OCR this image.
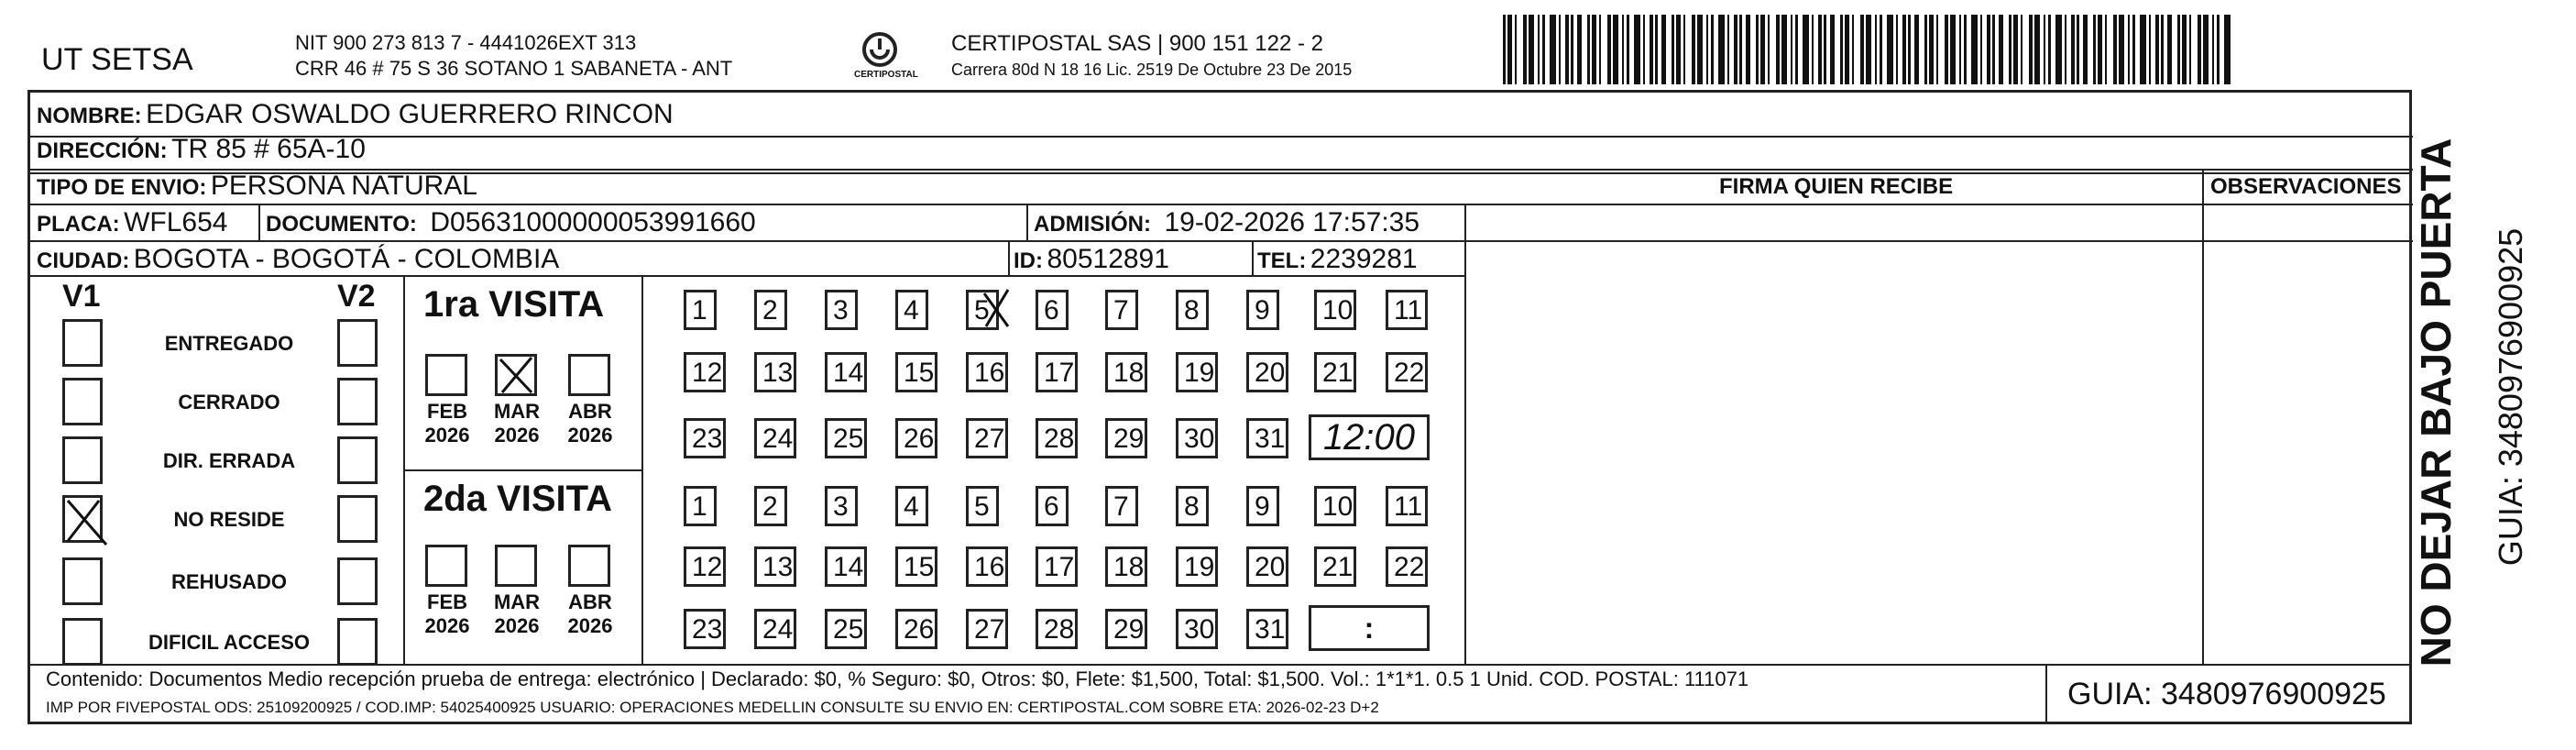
UT SETSA	NIT 900 273 813 7 - 4441026EXT 313
CRR 46 # 75 S 36 SOTANO 1 SABANETA - ANT	CERTIPOSTAL
CERTIPOSTAL SAS | 900 151 122 - 2
Carrera 80d N 18 16 Lic. 2519 De Octubre 23 De 2015
NOMBRE: EDGAR OSWALDO GUERRERO RINCON
DIRECCIÓN: TR 85 # 65A-10
TIPO DE ENVIO: PERSONA NATURAL
PLACA: WFL654 DOCUMENTO: D05631000000053991660	ADMISIÓN: 19-02-2026 17:57:35
CIUDAD: BOGOTA - BOGOTÁ - COLOMBIA	ID: 80512891	TEL: 2239281
FIRMA QUIEN RECIBE	OBSERVACIONES
V1	V2 1ra VISITA
2da VISITA
Contenido: Documentos Medio recepción prueba de entrega: electrónico | Declarado: $0, % Seguro: $0, Otros: $0, Flete: $1,500, Total: $1,500. Vol.: 1*1*1. 0.5 1 Unid. COD. POSTAL: 111071
IMP POR FIVEPOSTAL ODS: 25109200925 / COD.IMP: 54025400925 USUARIO: OPERACIONES MEDELLIN CONSULTE SU ENVIO EN: CERTIPOSTAL.COM SOBRE ETA: 2026-02-23 D+2	GUIA: 3480976900925
NO DEJAR BAJO PUERTA GUIA: 3480976900925
ENTREGADO
CERRADO
DIR. ERRADA
NO RESIDE
REHUSADO
DIFICIL ACCESO
FEB
2026
MAR
2026
ABR
2026
FEB
2026
MAR
2026
ABR
2026
1	2	3	4	5	6	7	8	9	10	11
12	13	14	15	16	17	18	19	20	21	22
23	24	25	26	27	28	29	30	31
1	2	3	4	5	6	7	8	9	10	11
12	13	14	15	16	17	18	19	20	21	22
23	24	25	26	27	28	29	30	31
12:00
:
